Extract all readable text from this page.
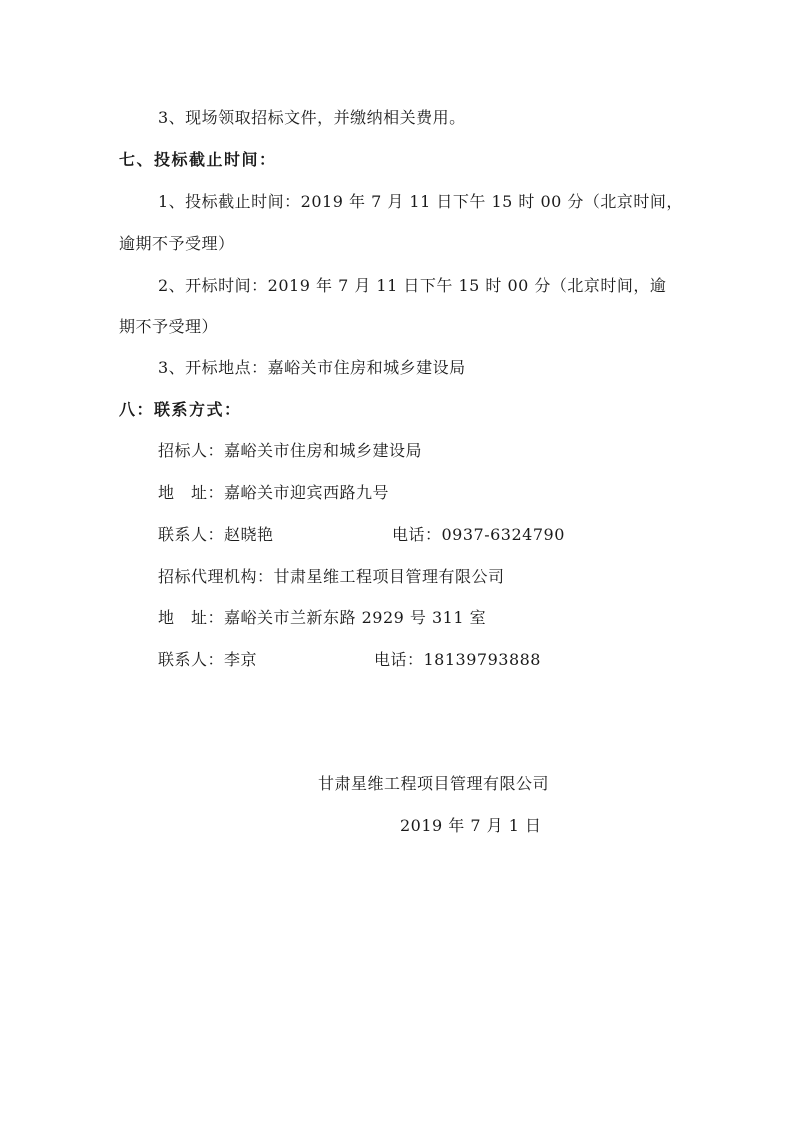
3、现场领取招标文件，并缴纳相关费用。
七、投标截止时间：
1、投标截止时间：2019 年 7 月 11 日下午 15 时 00 分（北京时间，
逾期不予受理）
2、开标时间：2019 年 7 月 11 日下午 15 时 00 分（北京时间，逾
期不予受理）
3、开标地点：嘉峪关市住房和城乡建设局
八：联系方式：
招标人：嘉峪关市住房和城乡建设局
地　址：嘉峪关市迎宾西路九号
联系人：赵晓艳	电话：0937-6324790
招标代理机构：甘肃星维工程项目管理有限公司
地　址：嘉峪关市兰新东路 2929 号 311 室
联系人：李京	电话：18139793888
甘肃星维工程项目管理有限公司
2019 年 7 月 1 日
